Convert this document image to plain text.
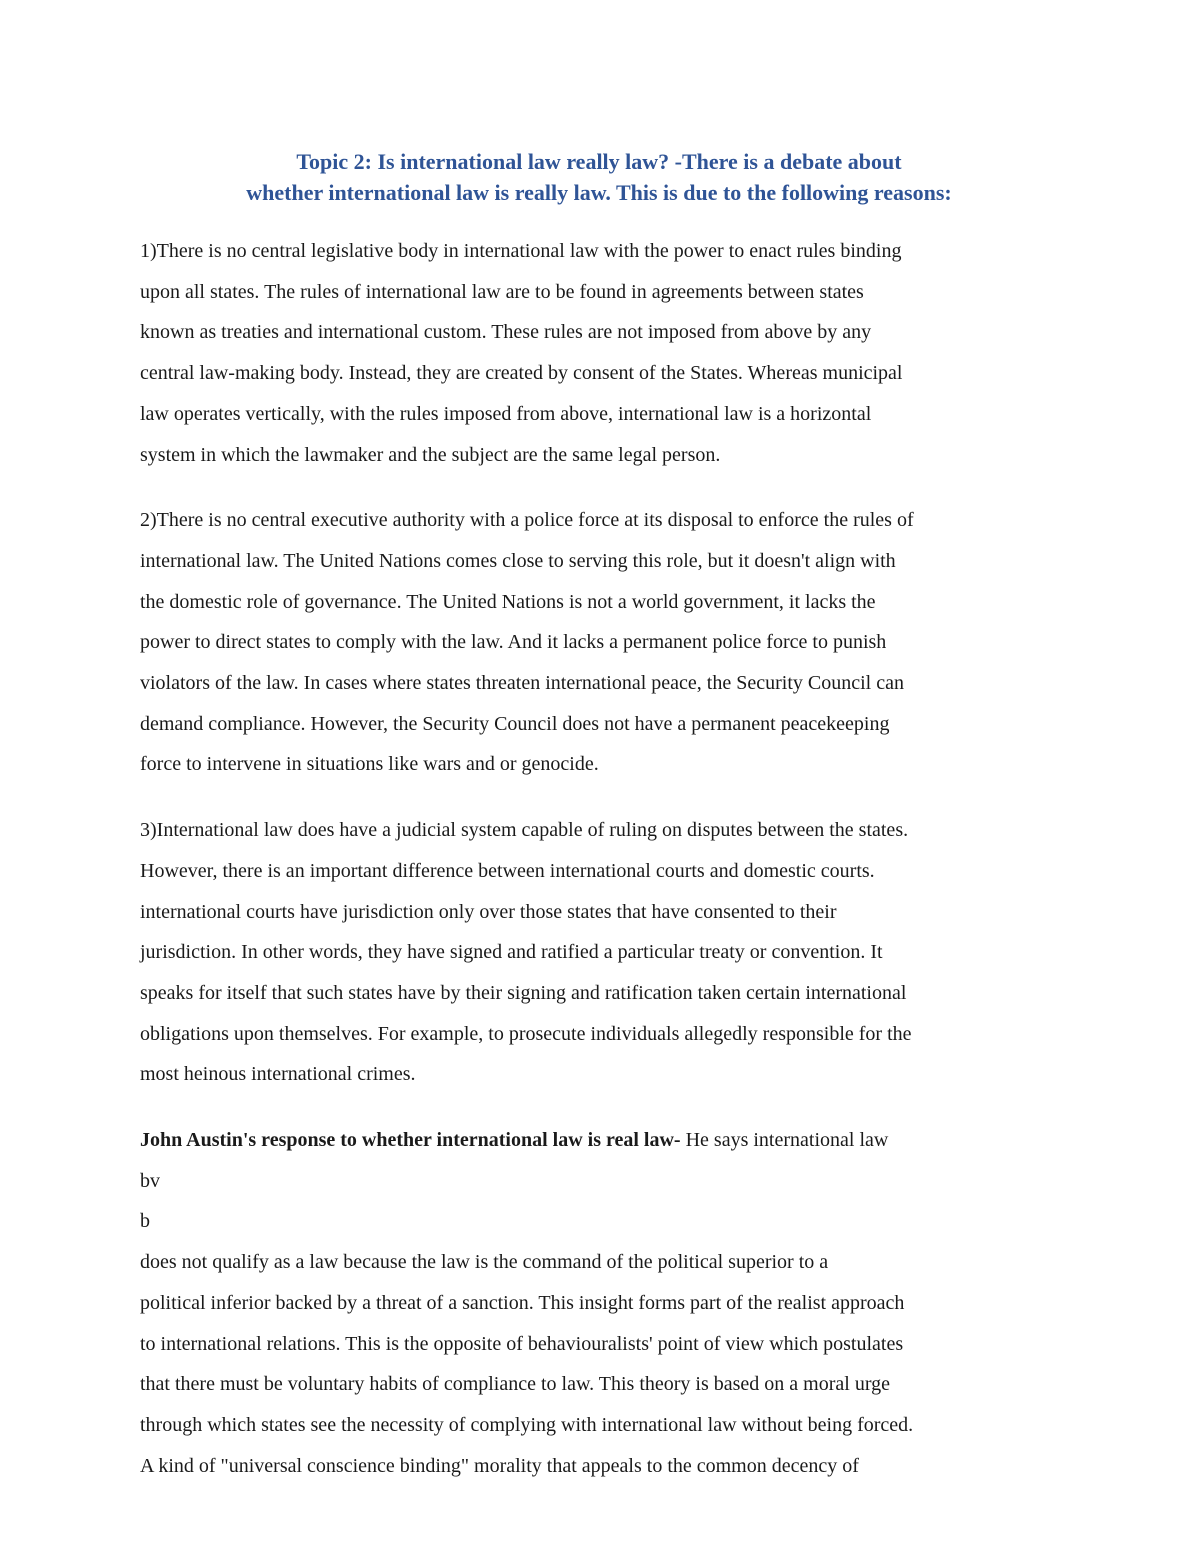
Topic 2: Is international law really law? -There is a debate about
whether international law is really law. This is due to the following reasons:

1)There is no central legislative body in international law with the power to enact rules binding
upon all states. The rules of international law are to be found in agreements between states
known as treaties and international custom. These rules are not imposed from above by any
central law-making body. Instead, they are created by consent of the States. Whereas municipal
law operates vertically, with the rules imposed from above, international law is a horizontal
system in which the lawmaker and the subject are the same legal person.

2)There is no central executive authority with a police force at its disposal to enforce the rules of
international law. The United Nations comes close to serving this role, but it doesn't align with
the domestic role of governance. The United Nations is not a world government, it lacks the
power to direct states to comply with the law. And it lacks a permanent police force to punish
violators of the law. In cases where states threaten international peace, the Security Council can
demand compliance. However, the Security Council does not have a permanent peacekeeping
force to intervene in situations like wars and or genocide.

3)International law does have a judicial system capable of ruling on disputes between the states.
However, there is an important difference between international courts and domestic courts.
international courts have jurisdiction only over those states that have consented to their
jurisdiction. In other words, they have signed and ratified a particular treaty or convention. It
speaks for itself that such states have by their signing and ratification taken certain international
obligations upon themselves. For example, to prosecute individuals allegedly responsible for the
most heinous international crimes.

John Austin's response to whether international law is real law- He says international law
bv
b
does not qualify as a law because the law is the command of the political superior to a
political inferior backed by a threat of a sanction. This insight forms part of the realist approach
to international relations. This is the opposite of behaviouralists' point of view which postulates
that there must be voluntary habits of compliance to law. This theory is based on a moral urge
through which states see the necessity of complying with international law without being forced.
A kind of "universal conscience binding" morality that appeals to the common decency of
